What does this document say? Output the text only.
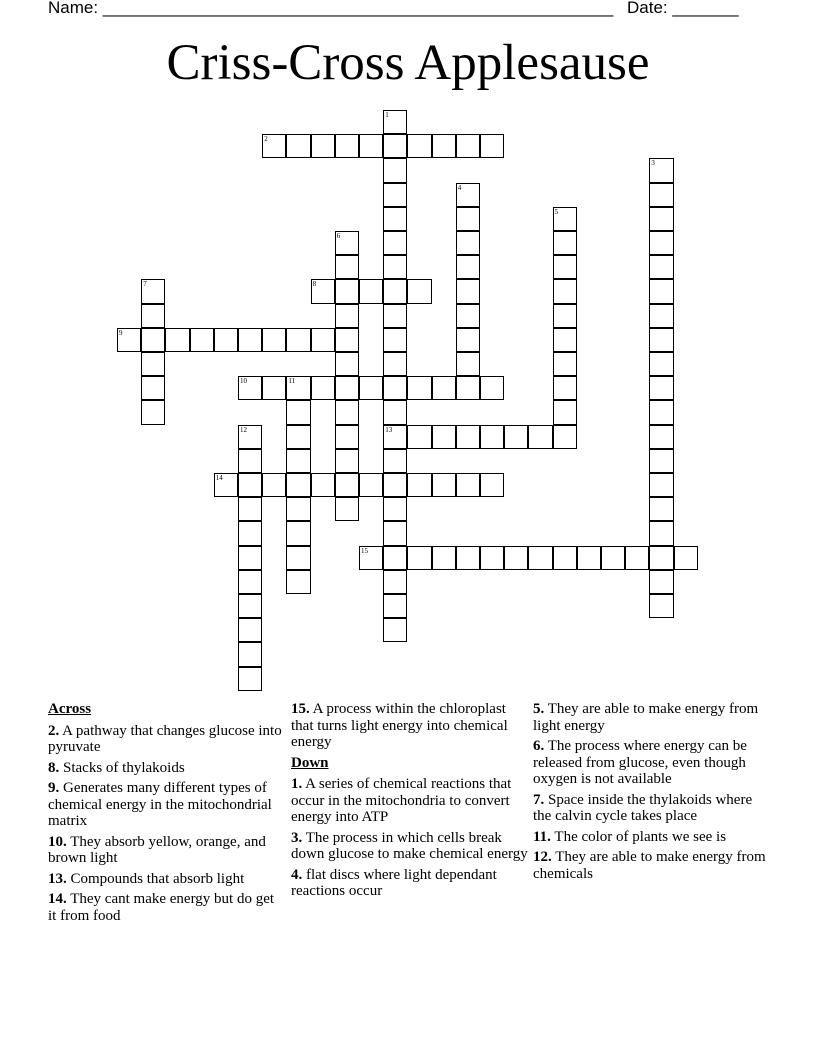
Name: ______________________________________________________ Date: _______
Criss-Cross Applesause
1
13
2
3
4
5
6
7	8
9
10	11
12
14
15
Across
2. A pathway that changes glucose into pyruvate
8. Stacks of thylakoids
9. Generates many different types of chemical energy in the mitochondrial matrix
10. They absorb yellow, orange, and brown light
13. Compounds that absorb light
14. They cant make energy but do get it from food
15. A process within the chloroplast that turns light energy into chemical energy
Down
1. A series of chemical reactions that occur in the mitochondria to convert energy into ATP
3. The process in which cells break down glucose to make chemical energy
4. flat discs where light dependant reactions occur
5. They are able to make energy from light energy
6. The process where energy can be released from glucose, even though oxygen is not available
7. Space inside the thylakoids where the calvin cycle takes place
11. The color of plants we see is
12. They are able to make energy from chemicals
